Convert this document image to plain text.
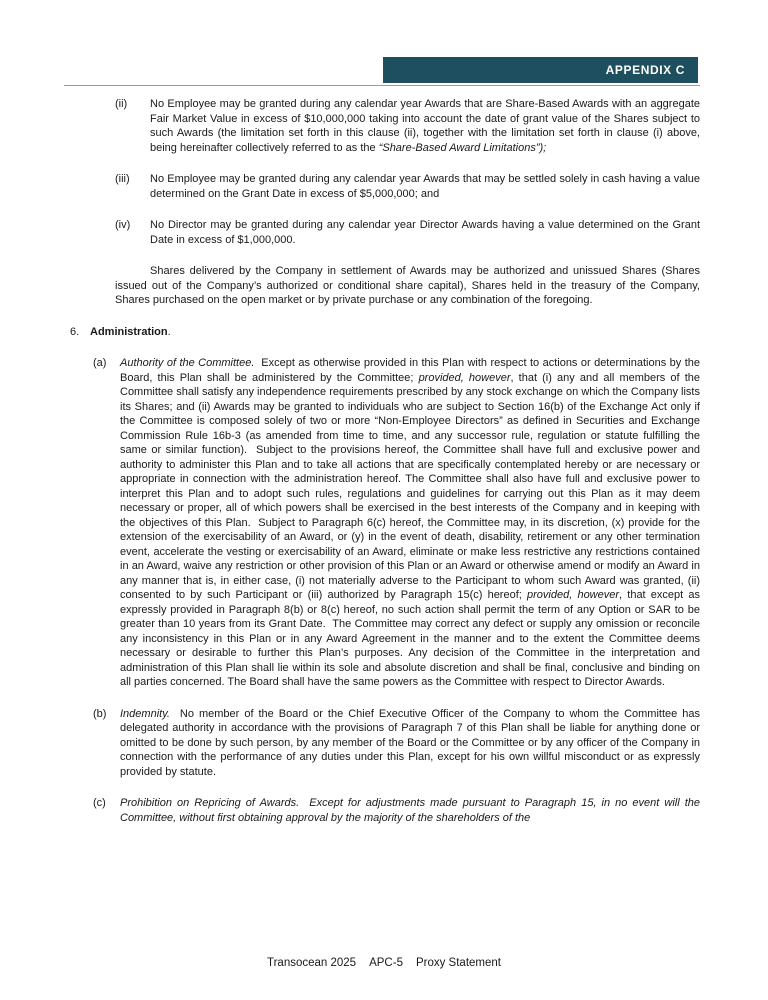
APPENDIX C
(ii)	No Employee may be granted during any calendar year Awards that are Share-Based Awards with an aggregate Fair Market Value in excess of $10,000,000 taking into account the date of grant value of the Shares subject to such Awards (the limitation set forth in this clause (ii), together with the limitation set forth in clause (i) above, being hereinafter collectively referred to as the “Share-Based Award Limitations”);
(iii)	No Employee may be granted during any calendar year Awards that may be settled solely in cash having a value determined on the Grant Date in excess of $5,000,000; and
(iv)	No Director may be granted during any calendar year Director Awards having a value determined on the Grant Date in excess of $1,000,000.

Shares delivered by the Company in settlement of Awards may be authorized and unissued Shares (Shares issued out of the Company’s authorized or conditional share capital), Shares held in the treasury of the Company, Shares purchased on the open market or by private purchase or any combination of the foregoing.

6. Administration.
(a)	Authority of the Committee.  Except as otherwise provided in this Plan with respect to actions or determinations by the Board, this Plan shall be administered by the Committee; provided, however, that (i) any and all members of the Committee shall satisfy any independence requirements prescribed by any stock exchange on which the Company lists its Shares; and (ii) Awards may be granted to individuals who are subject to Section 16(b) of the Exchange Act only if the Committee is composed solely of two or more “Non-Employee Directors” as defined in Securities and Exchange Commission Rule 16b-3 (as amended from time to time, and any successor rule, regulation or statute fulfilling the same or similar function).  Subject to the provisions hereof, the Committee shall have full and exclusive power and authority to administer this Plan and to take all actions that are specifically contemplated hereby or are necessary or appropriate in connection with the administration hereof. The Committee shall also have full and exclusive power to interpret this Plan and to adopt such rules, regulations and guidelines for carrying out this Plan as it may deem necessary or proper, all of which powers shall be exercised in the best interests of the Company and in keeping with the objectives of this Plan.  Subject to Paragraph 6(c) hereof, the Committee may, in its discretion, (x) provide for the extension of the exercisability of an Award, or (y) in the event of death, disability, retirement or any other termination event, accelerate the vesting or exercisability of an Award, eliminate or make less restrictive any restrictions contained in an Award, waive any restriction or other provision of this Plan or an Award or otherwise amend or modify an Award in any manner that is, in either case, (i) not materially adverse to the Participant to whom such Award was granted, (ii) consented to by such Participant or (iii) authorized by Paragraph 15(c) hereof; provided, however, that except as expressly provided in Paragraph 8(b) or 8(c) hereof, no such action shall permit the term of any Option or SAR to be greater than 10 years from its Grant Date.  The Committee may correct any defect or supply any omission or reconcile any inconsistency in this Plan or in any Award Agreement in the manner and to the extent the Committee deems necessary or desirable to further this Plan’s purposes. Any decision of the Committee in the interpretation and administration of this Plan shall lie within its sole and absolute discretion and shall be final, conclusive and binding on all parties concerned. The Board shall have the same powers as the Committee with respect to Director Awards.
(b)	Indemnity.  No member of the Board or the Chief Executive Officer of the Company to whom the Committee has delegated authority in accordance with the provisions of Paragraph 7 of this Plan shall be liable for anything done or omitted to be done by such person, by any member of the Board or the Committee or by any officer of the Company in connection with the performance of any duties under this Plan, except for his own willful misconduct or as expressly provided by statute.
(c)	Prohibition on Repricing of Awards.  Except for adjustments made pursuant to Paragraph 15, in no event will the Committee, without first obtaining approval by the majority of the shareholders of the
Transocean 2025 APC-5 Proxy Statement
